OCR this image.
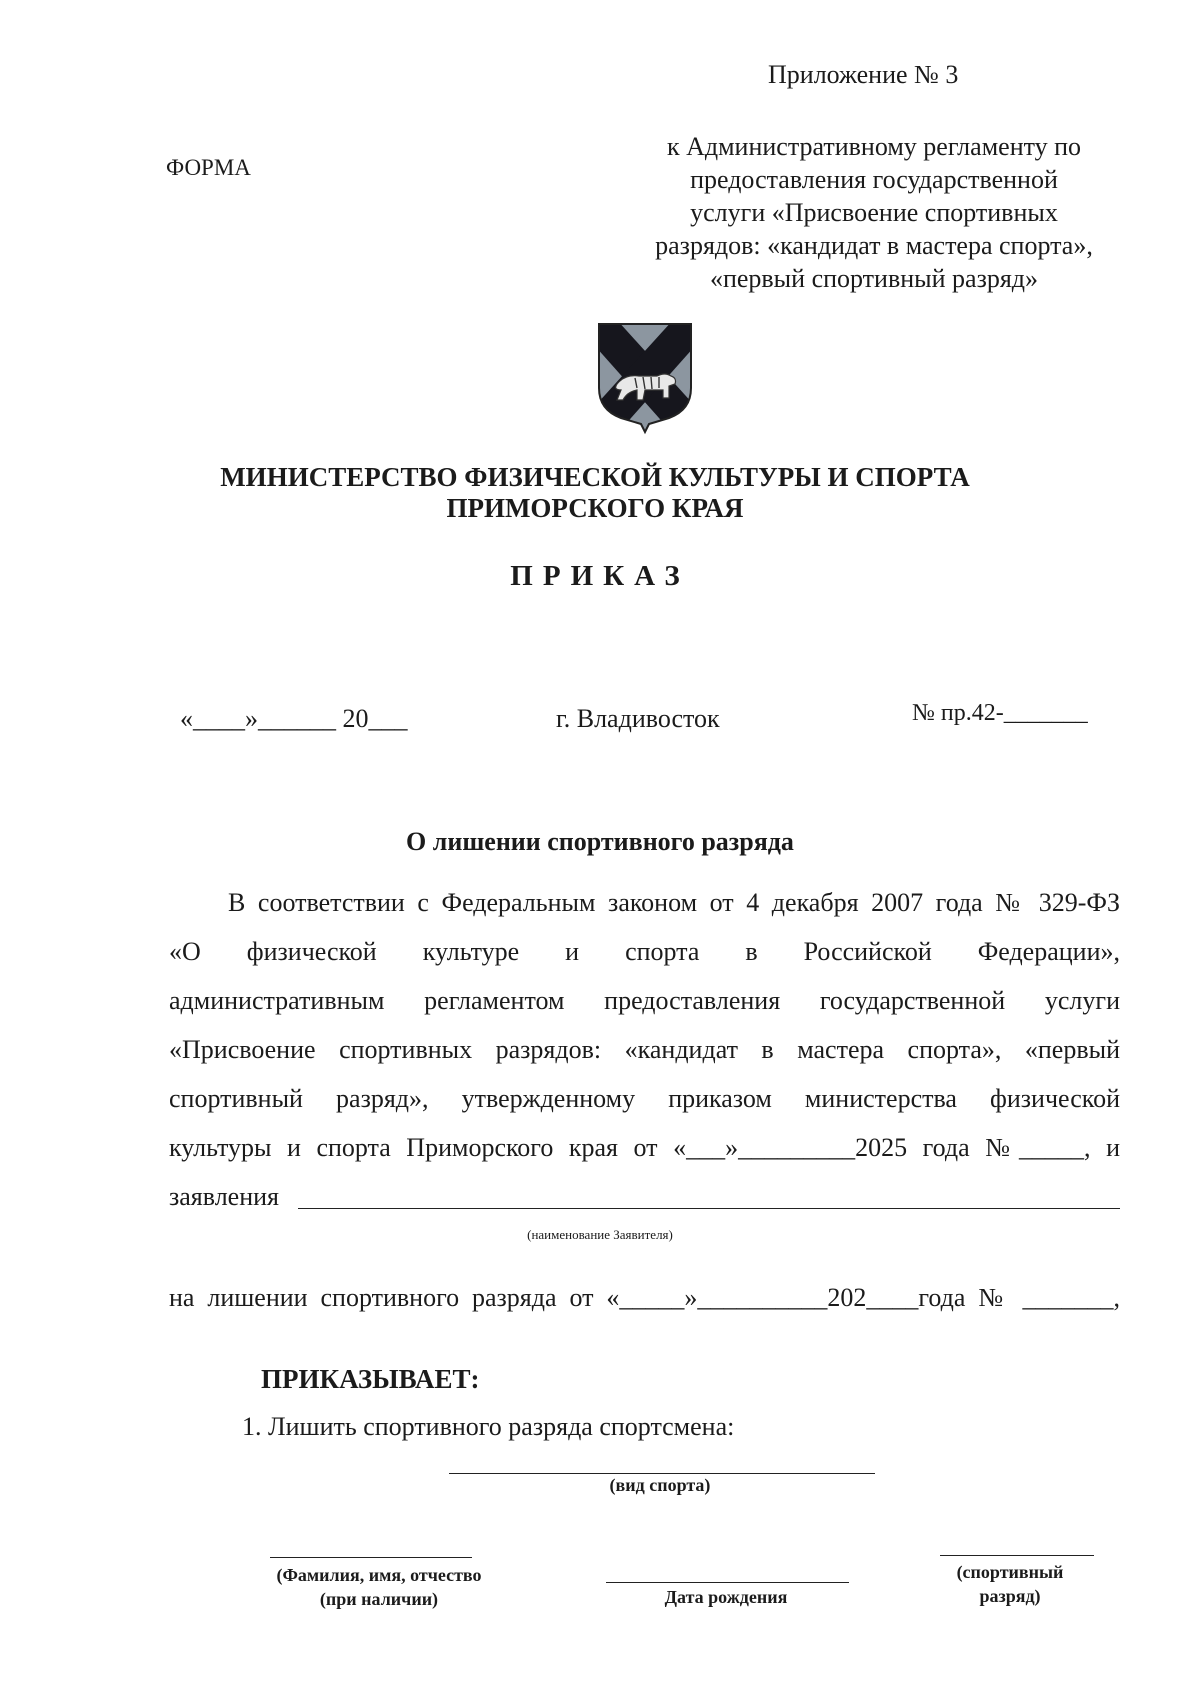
Приложение № 3
ФОРМА
к Административному регламенту по
предоставления государственной
услуги «Присвоение спортивных
разрядов: «кандидат в мастера спорта»,
«первый спортивный разряд»
МИНИСТЕРСТВО ФИЗИЧЕСКОЙ КУЛЬТУРЫ И СПОРТА
ПРИМОРСКОГО КРАЯ
ПРИКАЗ
«____»______ 20___	г. Владивосток	№ пр.42-_______
О лишении спортивного разряда
В соответствии с Федеральным законом от 4 декабря 2007 года № 329-ФЗ
«О физической культуре и спорта в Российской Федерации»,
административным регламентом предоставления государственной услуги
«Присвоение спортивных разрядов: «кандидат в мастера спорта», «первый
спортивный разряд», утвержденному приказом министерства физической
культуры и спорта Приморского края от «___»_________2025 года №_____, и
заявления
(наименование Заявителя)
на лишении спортивного разряда от «_____»__________202____года № _______,
ПРИКАЗЫВАЕТ:
1. Лишить спортивного разряда спортсмена:
(вид спорта)
(Фамилия, имя, отчество
(при наличии)	Дата рождения
(спортивный
разряд)
